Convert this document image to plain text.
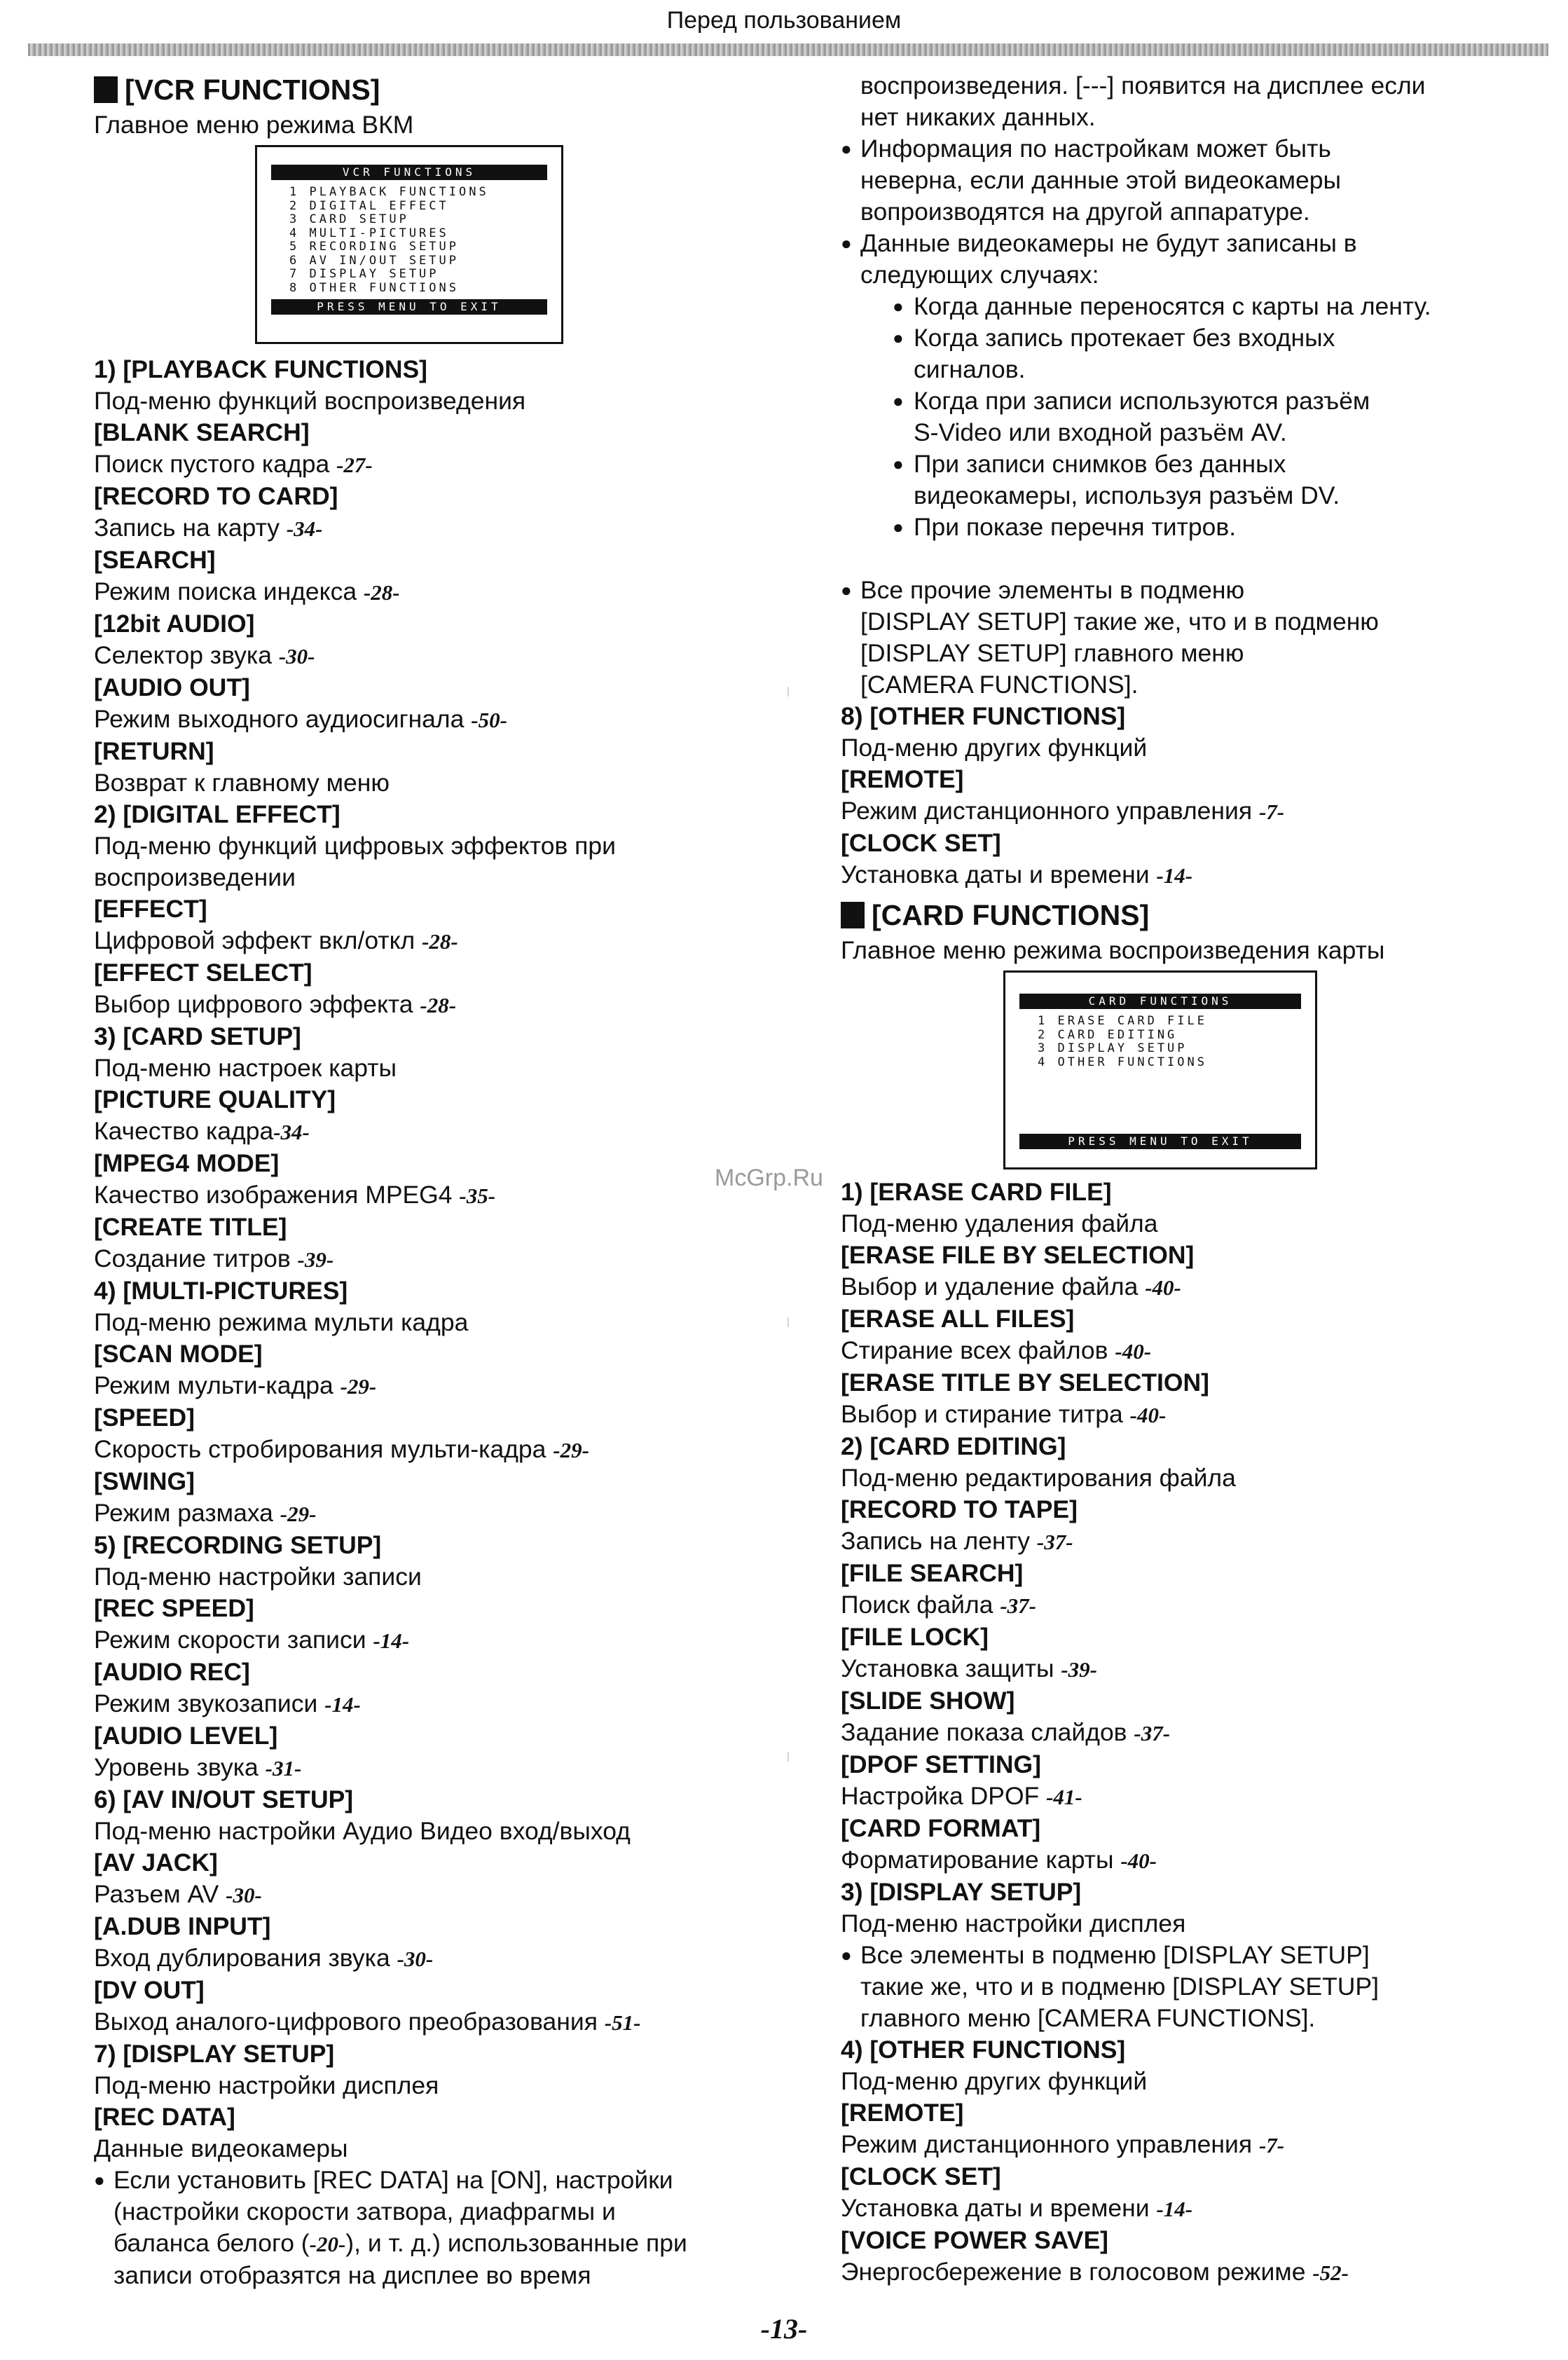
Перед пользованием
[VCR FUNCTIONS]
Главное меню режима ВКМ
VCR FUNCTIONS
1 PLAYBACK FUNCTIONS
2 DIGITAL EFFECT
3 CARD SETUP
4 MULTI-PICTURES
5 RECORDING SETUP
6 AV IN/OUT SETUP
7 DISPLAY SETUP
8 OTHER FUNCTIONS
PRESS MENU TO EXIT
1) [PLAYBACK FUNCTIONS]
Под-меню функций воспроизведения
[BLANK SEARCH]
Поиск пустого кадра -27-
[RECORD TO CARD]
Запись на карту -34-
[SEARCH]
Режим поиска индекса -28-
[12bit AUDIO]
Селектор звука -30-
[AUDIO OUT]
Режим выходного аудиосигнала -50-
[RETURN]
Возврат к главному меню
2) [DIGITAL EFFECT]
Под-меню функций цифровых эффектов при
воспроизведении
[EFFECT]
Цифровой эффект вкл/откл -28-
[EFFECT SELECT]
Выбор цифрового эффекта -28-
3) [CARD SETUP]
Под-меню настроек карты
[PICTURE QUALITY]
Качество кадра-34-
[MPEG4 MODE]
Качество изображения MPEG4 -35-
[CREATE TITLE]
Создание титров -39-
4) [MULTI-PICTURES]
Под-меню режима мульти кадра
[SCAN MODE]
Режим мульти-кадра -29-
[SPEED]
Скорость стробирования мульти-кадра -29-
[SWING]
Режим размаха -29-
5) [RECORDING SETUP]
Под-меню настройки записи
[REC SPEED]
Режим скорости записи -14-
[AUDIO REC]
Режим звукозаписи -14-
[AUDIO LEVEL]
Уровень звука -31-
6) [AV IN/OUT SETUP]
Под-меню настройки Аудио Видео вход/выход
[AV JACK]
Разъем AV -30-
[A.DUB INPUT]
Вход дублирования звука -30-
[DV OUT]
Выход аналого-цифрового преобразования -51-
7) [DISPLAY SETUP]
Под-меню настройки дисплея
[REC DATA]
Данные видеокамеры
● Если установить [REC DATA] на [ON], настройки
(настройки скорости затвора, диафрагмы и
баланса белого (-20-), и т. д.) использованные при
записи отобразятся на дисплее во время
воспроизведения. [---] появится на дисплее если
нет никаких данных.
● Информация по настройкам может быть
неверна, если данные этой видеокамеры
вопроизводятся на другой аппаратуре.
● Данные видеокамеры не будут записаны в
следующих случаях:
● Когда данные переносятся с карты на ленту.
● Когда запись протекает без входных
сигналов.
● Когда при записи используются разъём
S-Video или входной разъём AV.
● При записи снимков без данных
видеокамеры, используя разъём DV.
● При показе перечня титров.
● Все прочие элементы в подменю
[DISPLAY SETUP] такие же, что и в подменю
[DISPLAY SETUP] главного меню
[CAMERA FUNCTIONS].
8) [OTHER FUNCTIONS]
Под-меню других функций
[REMOTE]
Режим дистанционного управления -7-
[CLOCK SET]
Установка даты и времени -14-
[CARD FUNCTIONS]
Главное меню режима воспроизведения карты
CARD FUNCTIONS
1 ERASE CARD FILE
2 CARD EDITING
3 DISPLAY SETUP
4 OTHER FUNCTIONS
PRESS MENU TO EXIT
1) [ERASE CARD FILE]
Под-меню удаления файла
[ERASE FILE BY SELECTION]
Выбор и удаление файла -40-
[ERASE ALL FILES]
Стирание всех файлов -40-
[ERASE TITLE BY SELECTION]
Выбор и стирание титра -40-
2) [CARD EDITING]
Под-меню редактирования файла
[RECORD TO TAPE]
Запись на ленту -37-
[FILE SEARCH]
Поиск файла -37-
[FILE LOCK]
Установка защиты -39-
[SLIDE SHOW]
Задание показа слайдов -37-
[DPOF SETTING]
Настройка DPOF -41-
[CARD FORMAT]
Форматирование карты -40-
3) [DISPLAY SETUP]
Под-меню настройки дисплея
● Все элементы в подменю [DISPLAY SETUP]
такие же, что и в подменю [DISPLAY SETUP]
главного меню [CAMERA FUNCTIONS].
4) [OTHER FUNCTIONS]
Под-меню других функций
[REMOTE]
Режим дистанционного управления -7-
[CLOCK SET]
Установка даты и времени -14-
[VOICE POWER SAVE]
Энергосбережение в голосовом режиме -52-
McGrp.Ru
-13-
